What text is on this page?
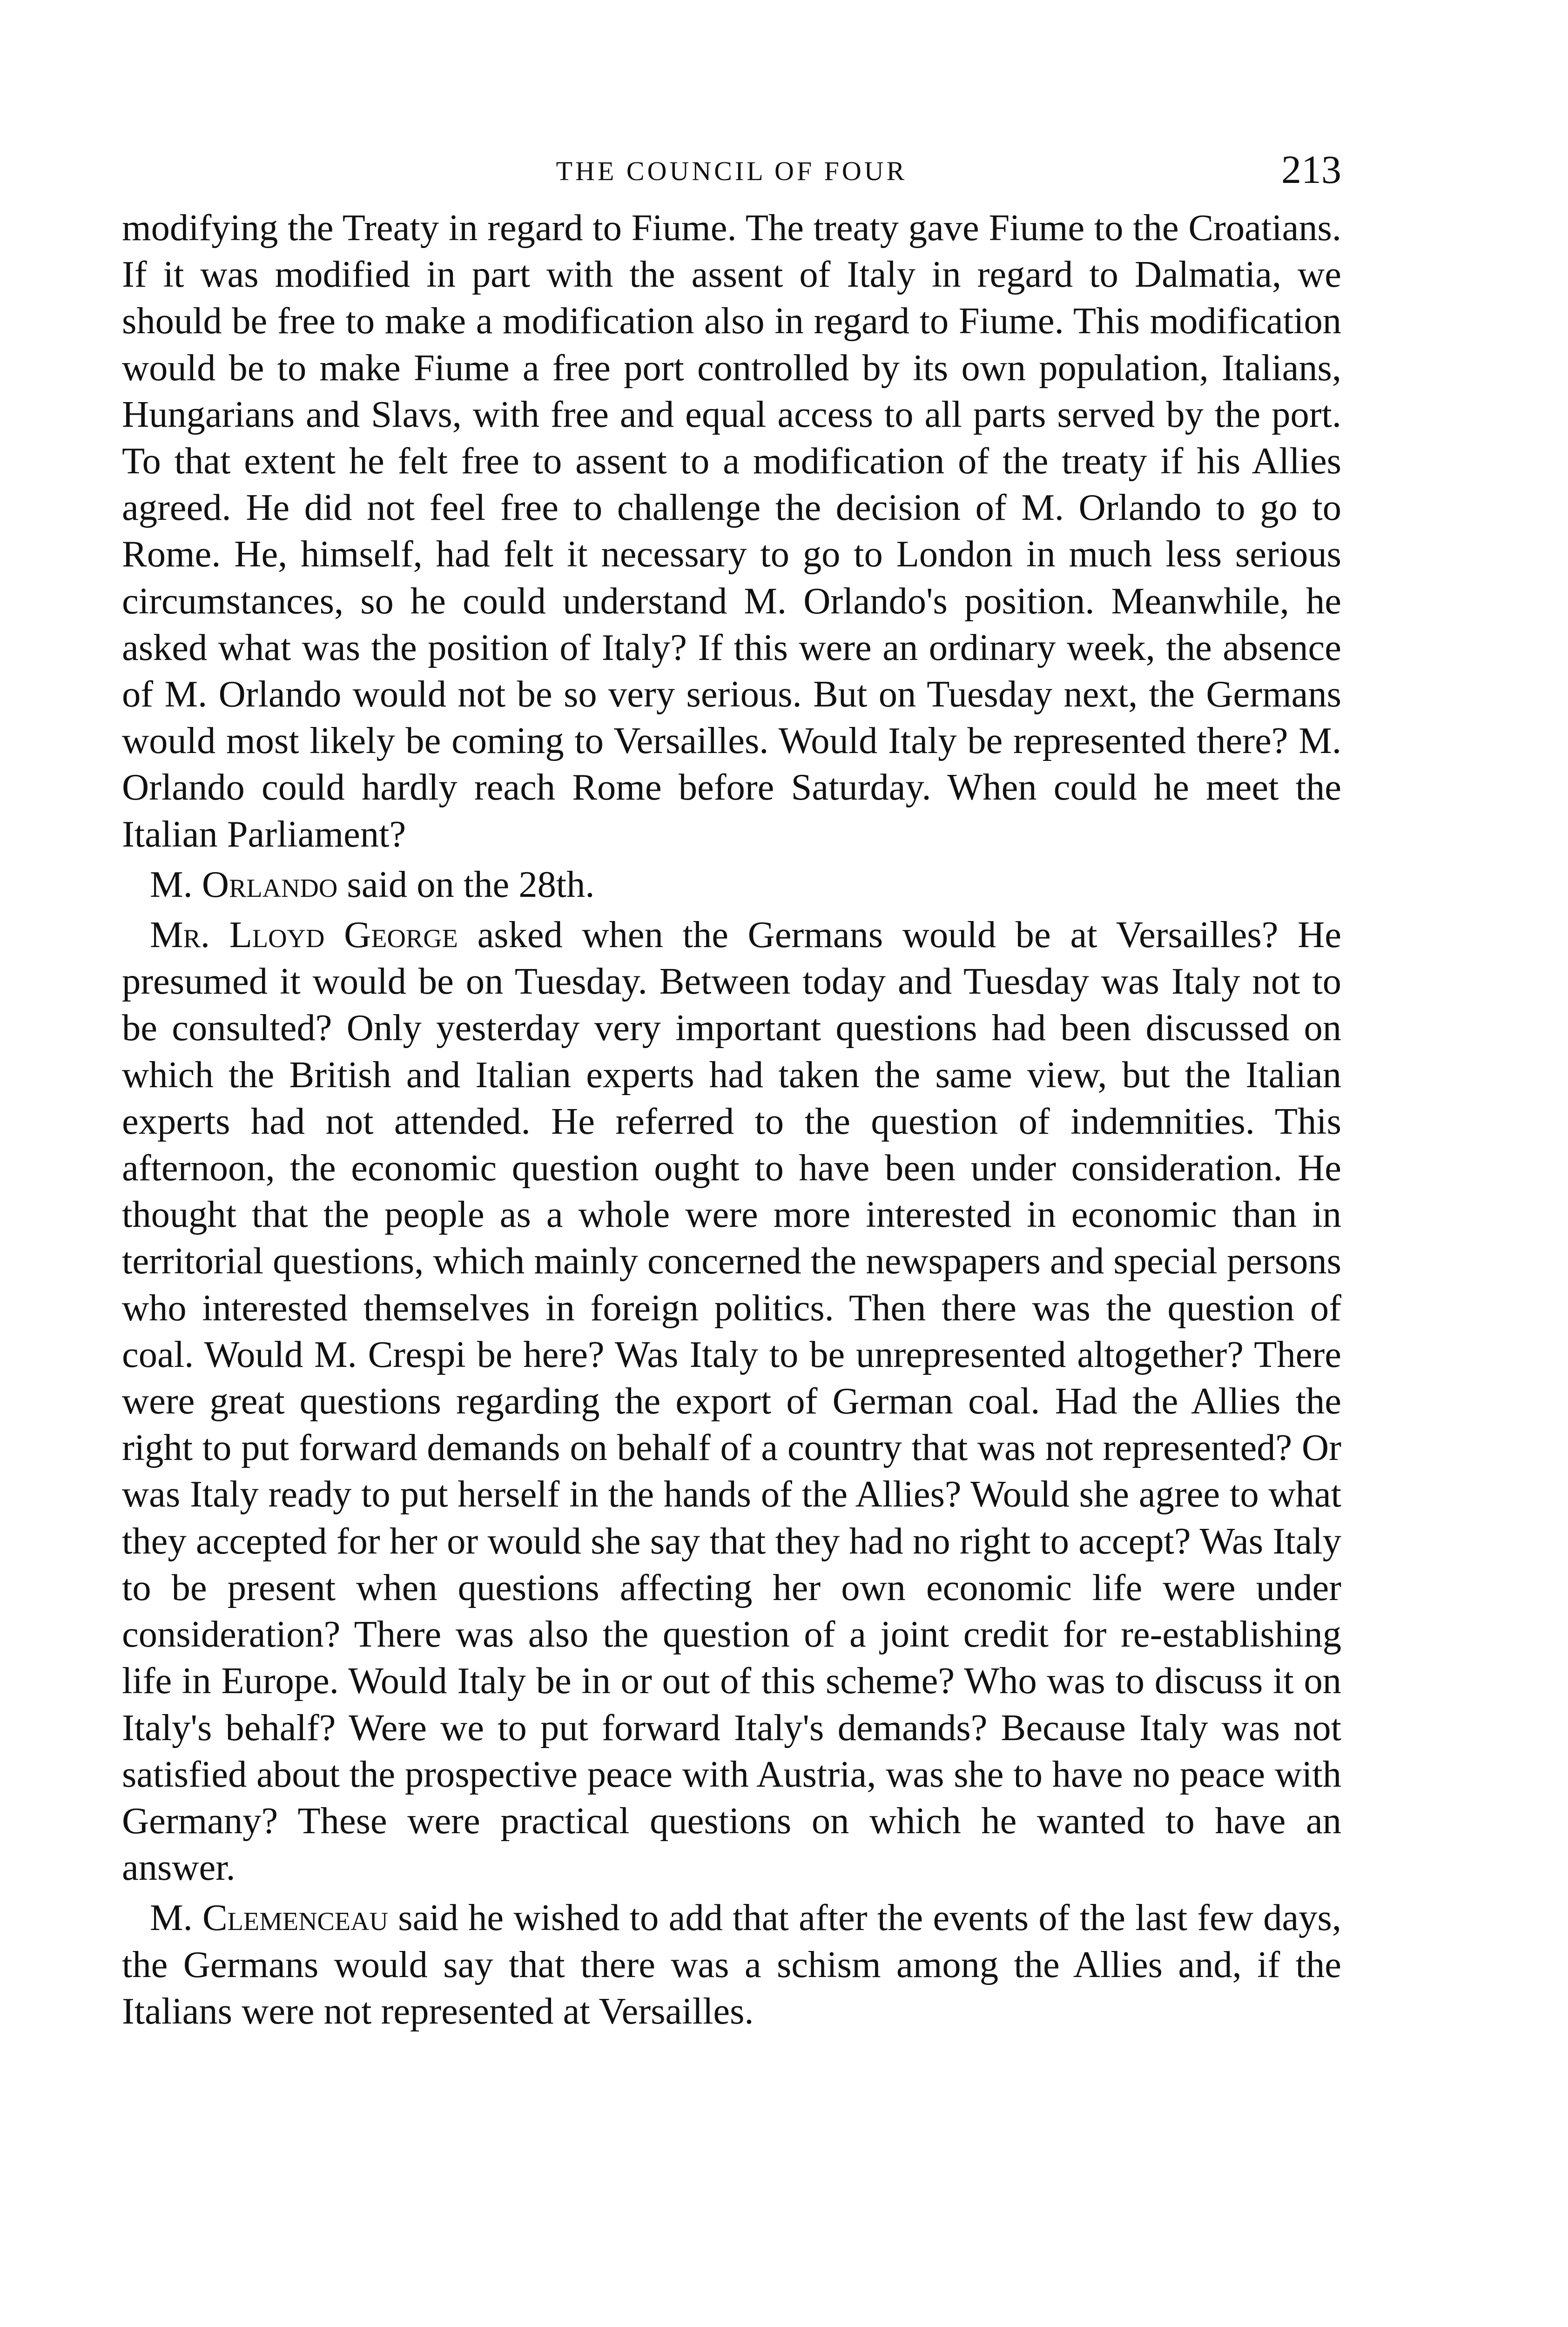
THE COUNCIL OF FOUR	213

modifying the Treaty in regard to Fiume. The treaty gave Fiume to the Croatians. If it was modified in part with the assent of Italy in regard to Dalmatia, we should be free to make a modification also in regard to Fiume. This modification would be to make Fiume a free port controlled by its own population, Italians, Hungarians and Slavs, with free and equal access to all parts served by the port. To that extent he felt free to assent to a modification of the treaty if his Allies agreed. He did not feel free to challenge the decision of M. Orlando to go to Rome. He, himself, had felt it necessary to go to London in much less serious circumstances, so he could understand M. Orlando's position. Meanwhile, he asked what was the position of Italy? If this were an ordinary week, the absence of M. Orlando would not be so very serious. But on Tuesday next, the Germans would most likely be coming to Versailles. Would Italy be represented there? M. Orlando could hardly reach Rome before Saturday. When could he meet the Italian Parliament?

M. Orlando said on the 28th.

Mr. Lloyd George asked when the Germans would be at Versailles? He presumed it would be on Tuesday. Between today and Tuesday was Italy not to be consulted? Only yesterday very important questions had been discussed on which the British and Italian experts had taken the same view, but the Italian experts had not attended. He referred to the question of indemnities. This afternoon, the economic question ought to have been under consideration. He thought that the people as a whole were more interested in economic than in territorial questions, which mainly concerned the newspapers and special persons who interested themselves in foreign politics. Then there was the question of coal. Would M. Crespi be here? Was Italy to be unrepresented altogether? There were great questions regarding the export of German coal. Had the Allies the right to put forward demands on behalf of a country that was not represented? Or was Italy ready to put herself in the hands of the Allies? Would she agree to what they accepted for her or would she say that they had no right to accept? Was Italy to be present when questions affecting her own economic life were under consideration? There was also the question of a joint credit for re-establishing life in Europe. Would Italy be in or out of this scheme? Who was to discuss it on Italy's behalf? Were we to put forward Italy's demands? Because Italy was not satisfied about the prospective peace with Austria, was she to have no peace with Germany? These were practical questions on which he wanted to have an answer.

M. Clemenceau said he wished to add that after the events of the last few days, the Germans would say that there was a schism among the Allies and, if the Italians were not represented at Versailles.
